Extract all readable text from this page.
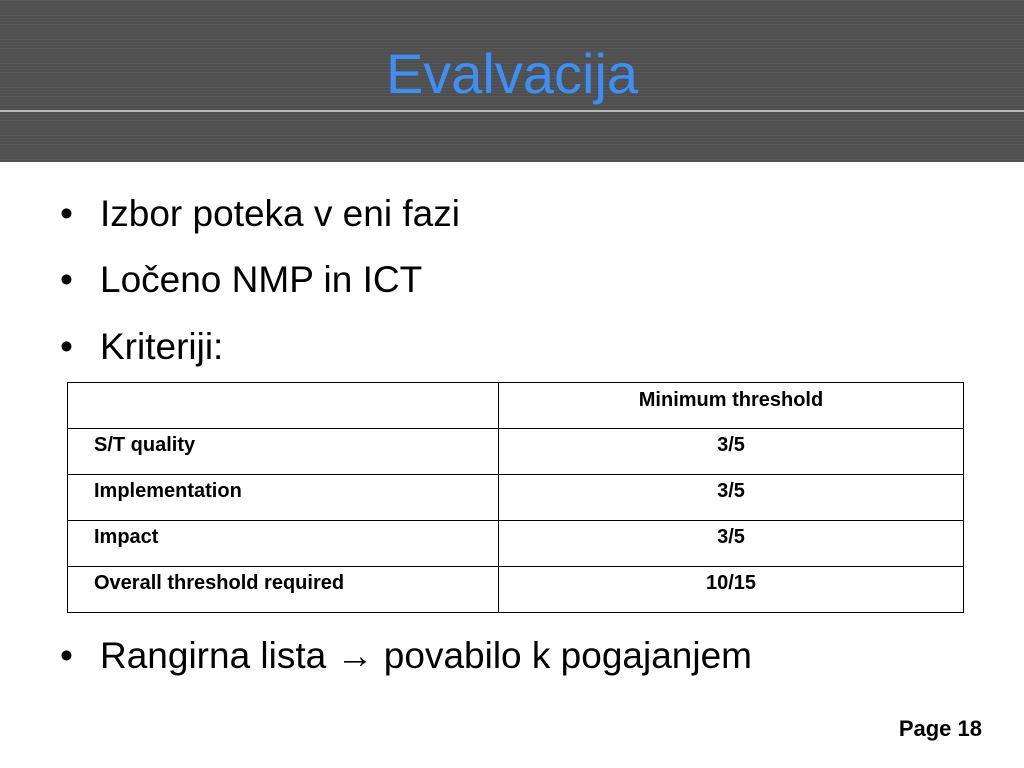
Evalvacija
• Izbor poteka v eni fazi
• Ločeno NMP in ICT
• Kriteriji:
	Minimum threshold
S/T quality	3/5
Implementation	3/5
Impact	3/5
Overall threshold required	10/15
• Rangirna lista → povabilo k pogajanjem
Page 18
